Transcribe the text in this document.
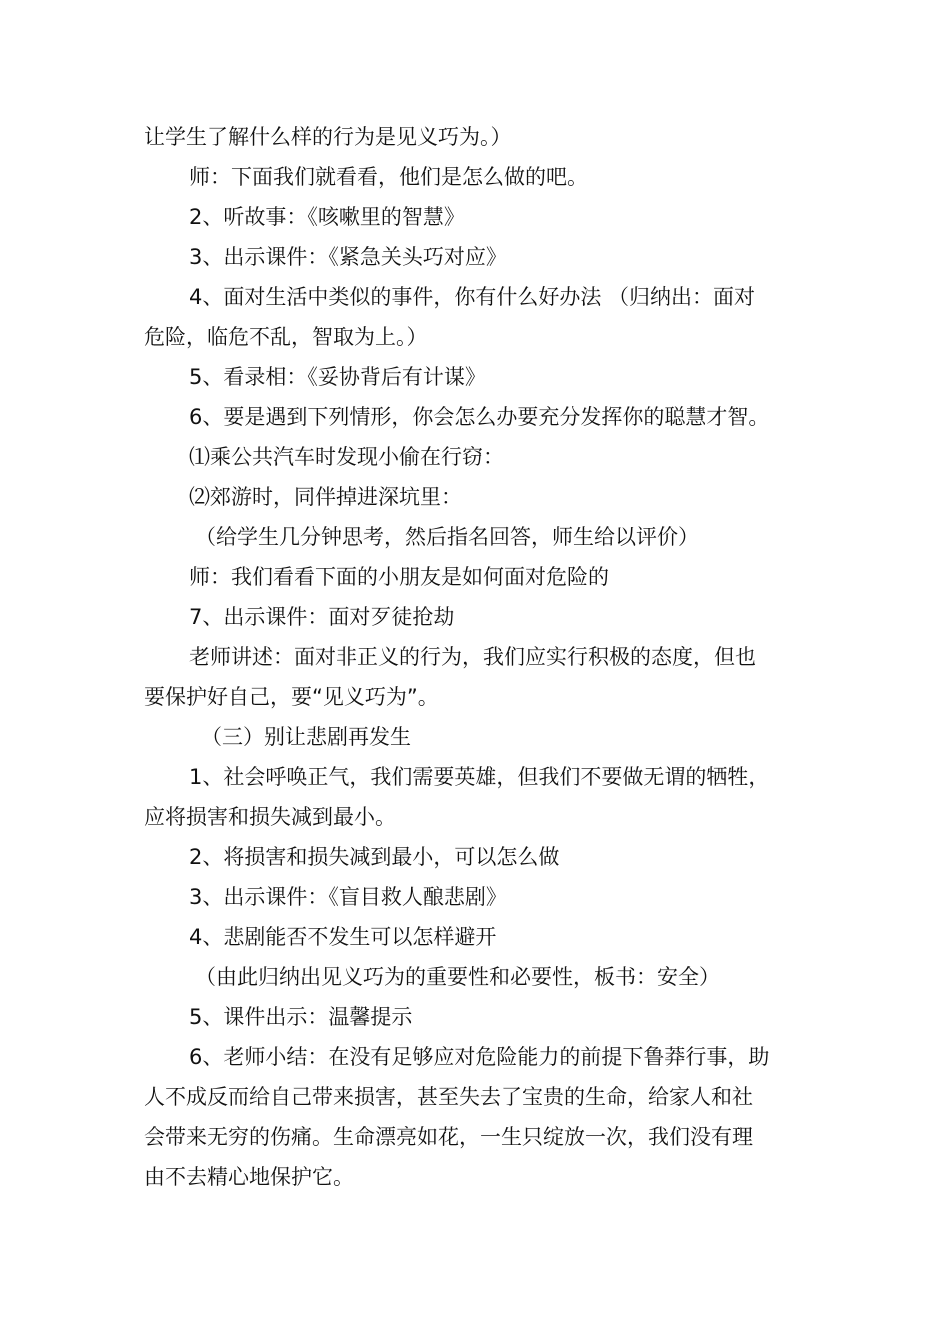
让学生了解什么样的行为是见义巧为。）
师：下面我们就看看，他们是怎么做的吧。
2、听故事：《咳嗽里的智慧》
3、出示课件：《紧急关头巧对应》
4、面对生活中类似的事件，你有什么好办法 （归纳出：面对
危险，临危不乱，智取为上。）
5、看录相：《妥协背后有计谋》
6、要是遇到下列情形，你会怎么办要充分发挥你的聪慧才智。
⑴乘公共汽车时发现小偷在行窃：
⑵郊游时，同伴掉进深坑里：
（给学生几分钟思考，然后指名回答，师生给以评价）
师：我们看看下面的小朋友是如何面对危险的
7、出示课件：面对歹徒抢劫
老师讲述：面对非正义的行为，我们应实行积极的态度，但也
要保护好自己，要“见义巧为”。
（三）别让悲剧再发生
1、社会呼唤正气，我们需要英雄，但我们不要做无谓的牺牲，
应将损害和损失减到最小。
2、将损害和损失减到最小，可以怎么做
3、出示课件：《盲目救人酿悲剧》
4、悲剧能否不发生可以怎样避开
（由此归纳出见义巧为的重要性和必要性，板书：安全）
5、课件出示：温馨提示
6、老师小结：在没有足够应对危险能力的前提下鲁莽行事，助
人不成反而给自己带来损害，甚至失去了宝贵的生命，给家人和社
会带来无穷的伤痛。生命漂亮如花，一生只绽放一次，我们没有理
由不去精心地保护它。
